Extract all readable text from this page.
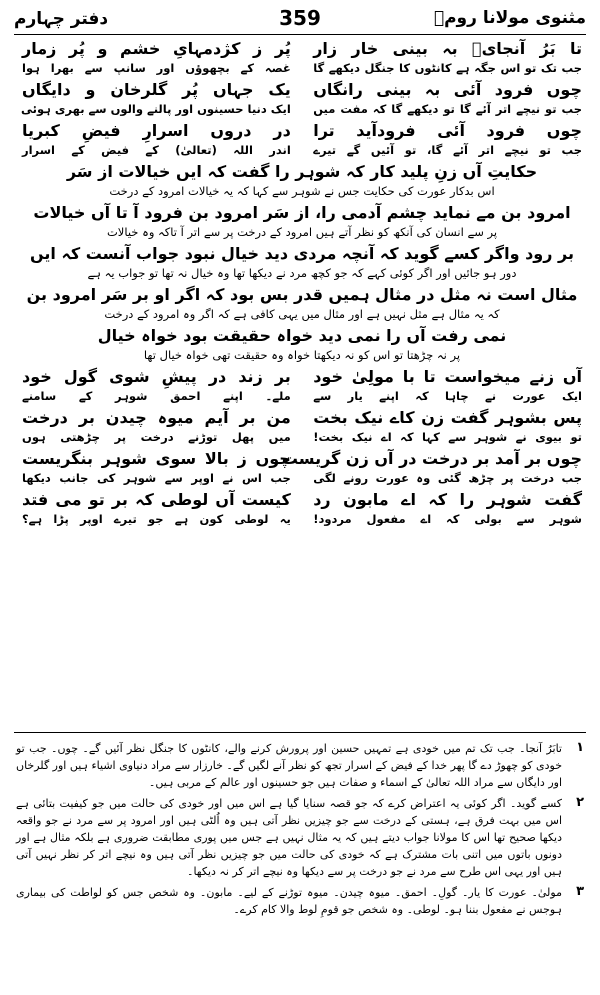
مثنوی مولانا رومؒ
359
دفتر چہارم
تا بَرُ آنجایؔ بہ بینی خار زار
پُر ز کژدمہایِ خشم و پُر زمار
جب تک تو اس جگہ ہے کانٹوں کا جنگل دیکھے گا
غصہ کے بچھوؤں اور سانپ سے بھرا ہوا
چوں فرود آئی بہ بینی رانگاں
یک جہاں پُر گلرخان و دایگاں
جب تو نیچے اتر آئے گا تو دیکھے گا کہ مفت میں
ایک دنیا حسینوں اور پالنے والوں سے بھری ہوئی
چوں فرود آئی فرودآید ترا
در دروں اسرارِ فیضِ کبریا
جب تو نیچے اتر آئے گا، تو آئیں گے تیرے
اندر اللہ (تعالیٰ) کے فیض کے اسرار
حکایتِ آں زنِ پلید کار کہ شوہر را گفت کہ ایں خیالات از سَر
اس بدکار عورت کی حکایت جس نے شوہر سے کہا کہ یہ خیالات امرود کے درخت
امرود بن مے نماید چشم آدمی را، از سَر امرود بن فرود آ تا آں خیالات
پر سے انسان کی آنکھ کو نظر آتے ہیں امرود کے درخت پر سے اتر آ تاکہ وہ خیالات
بر رود واگر کسے گوید کہ آنچہ مردی دید خیال نبود جواب آنست کہ ایں
دور ہو جائیں اور اگر کوئی کہے کہ جو کچھ مرد نے دیکھا تھا وہ خیال نہ تھا تو جواب یہ ہے
مثال است نہ مثل در مثال ہمیں قدر بس بود کہ اگر او بر سَر امرود بن
کہ یہ مثال ہے مثل نہیں ہے اور مثال میں یہی کافی ہے کہ اگر وہ امرود کے درخت
نمی رفت آں را نمی دید خواہ حقیقت بود خواہ خیال
پر نہ چڑھتا تو اس کو نہ دیکھتا خواہ وہ حقیقت تھی خواہ خیال تھا
آں زنے میخواست تا با مولِیٰ خود
بر زند در پیشِ شوی گول خود
ایک عورت نے چاہا کہ اپنے یار سے
ملے۔ اپنے احمق شوہر کے سامنے
پس بشوہر گفت زن کاے نیک بخت
من بر آیم میوہ چیدن بر درخت
تو بیوی نے شوہر سے کہا کہ اے نیک بخت!
میں پھل توڑنے درخت پر چڑھتی ہوں
چوں بر آمد بر درخت در آں زن گریست
چوں ز بالا سوی شوہر بنگریست
جب درخت پر چڑھ گئی وہ عورت رونے لگی
جب اس نے اوپر سے شوہر کی جانب دیکھا
گفت شوہر را کہ اے مابون رد
کیست آں لوطی کہ بر تو می فتد
شوہر سے بولی کہ اے مفعول مردود!
یہ لوطی کون ہے جو تیرے اوپر پڑا ہے؟
۱
تابَرُ آنجا۔ جب تک تم میں خودی ہے تمہیں حسین اور پرورش کرنے والے، کانٹوں کا جنگل نظر آئیں گے۔ چوں۔ جب تو خودی کو چھوڑ دے گا پھر خدا کے فیض کے اسرار تجھ کو نظر آنے لگیں گے۔ خارزار سے مراد دنیاوی اشیاء ہیں اور گلرخاں اور دایگاں سے مراد اللہ تعالیٰ کے اسماء و صفات ہیں جو حسینوں اور عالم کے مربی ہیں۔
۲
کسے گوید۔ اگر کوئی یہ اعتراض کرے کہ جو قصہ سنایا گیا ہے اس میں اور خودی کی حالت میں جو کیفیت بتائی ہے اس میں بہت فرق ہے، ہستی کے درخت سے جو چیزیں نظر آتی ہیں وہ اُلٹی ہیں اور امرود پر سے مرد نے جو واقعہ دیکھا صحیح تھا اس کا مولانا جواب دیتے ہیں کہ یہ مثال نہیں ہے جس میں پوری مطابقت ضروری ہے بلکہ مثال ہے اور دونوں باتوں میں اتنی بات مشترک ہے کہ خودی کی حالت میں جو چیزیں نظر آتی ہیں وہ نیچے اتر کر نظر نہیں آتی ہیں اور یہی اس طرح سے مرد نے جو درخت پر سے دیکھا وہ نیچے اتر کر نہ دیکھا۔
۳
مولیٰ۔ عورت کا یار۔ گولِ۔ احمق۔ میوہ چیدن۔ میوہ توڑنے کے لیے۔ مابون۔ وہ شخص جس کو لواطت کی بیماری ہوجس نے مفعول بننا ہو۔ لوطی۔ وہ شخص جو قومِ لوط والا کام کرے۔
